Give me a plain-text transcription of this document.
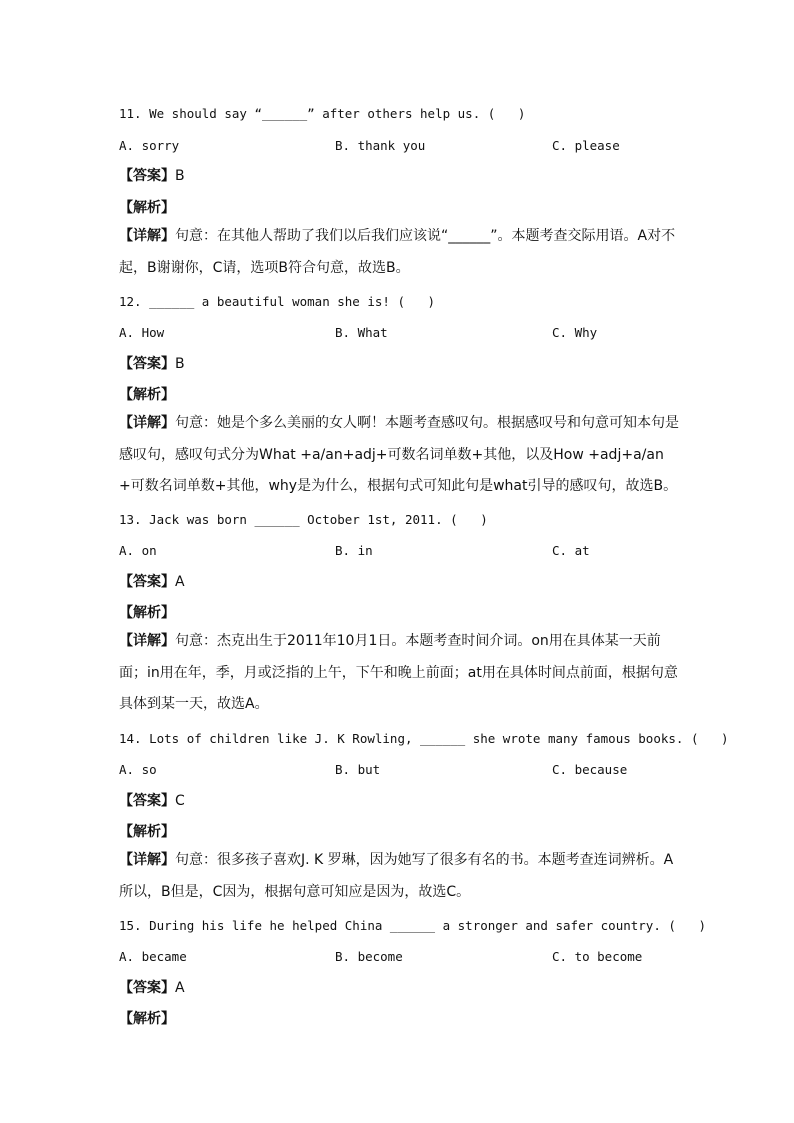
11. We should say “______” after others help us. (   )
A. sorry	B. thank you	C. please
【答案】B
【解析】
【详解】句意：在其他人帮助了我们以后我们应该说“______”。本题考查交际用语。A对不起，B谢谢你，C请，选项B符合句意，故选B。
12. ______ a beautiful woman she is! (   )
A. How	B. What	C. Why
【答案】B
【解析】
【详解】句意：她是个多么美丽的女人啊！本题考查感叹句。根据感叹号和句意可知本句是感叹句，感叹句式分为What +a/an+adj+可数名词单数+其他，以及How +adj+a/an +可数名词单数+其他，why是为什么，根据句式可知此句是what引导的感叹句，故选B。
13. Jack was born ______ October 1st, 2011. (   )
A. on	B. in	C. at
【答案】A
【解析】
【详解】句意：杰克出生于2011年10月1日。本题考查时间介词。on用在具体某一天前面；in用在年，季，月或泛指的上午，下午和晚上前面；at用在具体时间点前面，根据句意具体到某一天，故选A。
14. Lots of children like J. K Rowling, ______ she wrote many famous books. (   )
A. so	B. but	C. because
【答案】C
【解析】
【详解】句意：很多孩子喜欢J. K 罗琳，因为她写了很多有名的书。本题考查连词辨析。A所以，B但是，C因为，根据句意可知应是因为，故选C。
15. During his life he helped China ______ a stronger and safer country. (   )
A. became	B. become	C. to become
【答案】A
【解析】
